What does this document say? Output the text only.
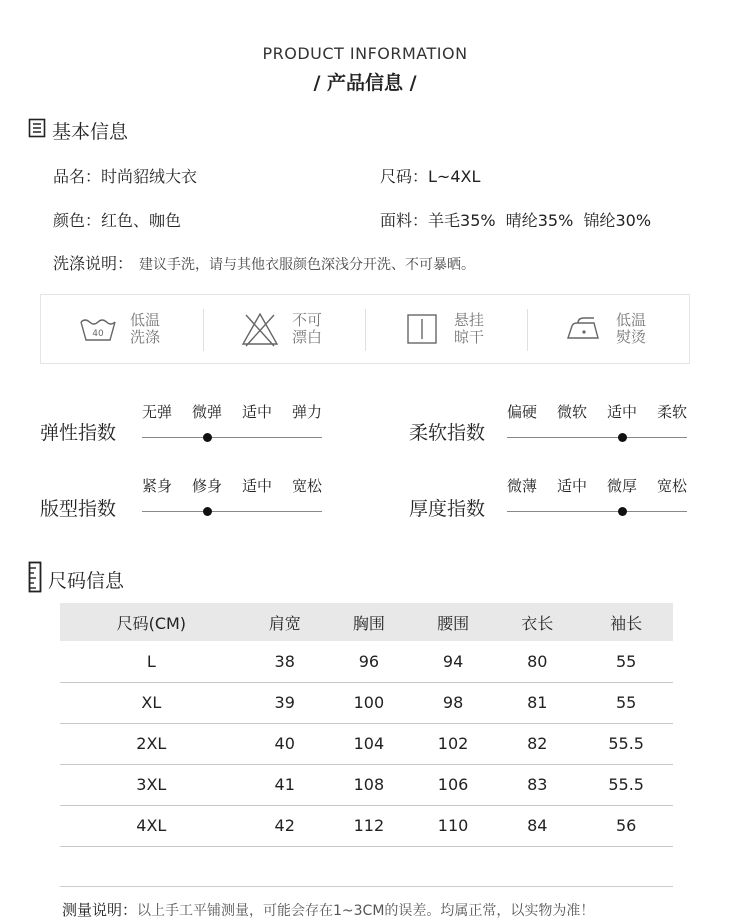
PRODUCT INFORMATION
/ 产品信息 /
基本信息
品名：时尚貂绒大衣	尺码：L~4XL
颜色：红色、咖色	面料：羊毛35%  晴纶35%  锦纶30%
洗涤说明： 建议手洗，请与其他衣服颜色深浅分开洗、不可暴晒。
40
低温
洗涤
不可
漂白
悬挂
晾干
低温
熨烫
弹性指数
无弹 微弹 适中 弹力
柔软指数
偏硬 微软 适中 柔软
版型指数
紧身 修身 适中 宽松
厚度指数
微薄 适中 微厚 宽松
尺码信息
尺码(CM)	肩宽	胸围	腰围	衣长	袖长
L	38	96	94	80	55
XL	39	100	98	81	55
2XL	40	104	102	82	55.5
3XL	41	108	106	83	55.5
4XL	42	112	110	84	56
测量说明：以上手工平铺测量，可能会存在1~3CM的误差。均属正常，以实物为准！
